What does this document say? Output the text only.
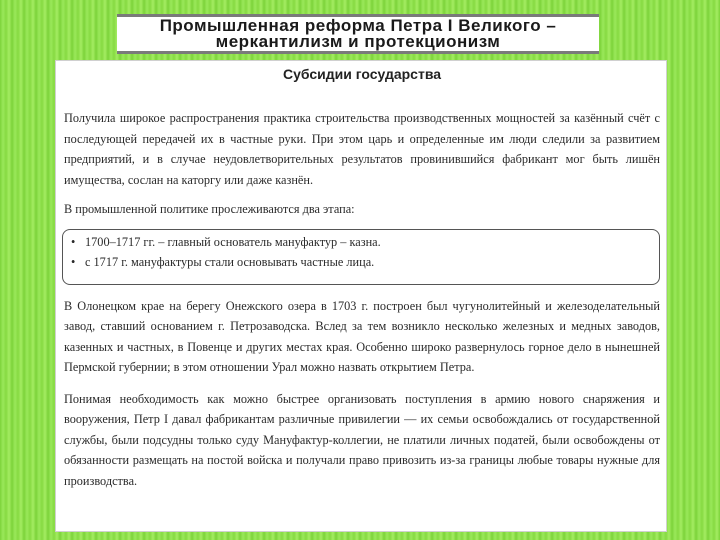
Промышленная реформа Петра I Великого –
меркантилизм и протекционизм
Субсидии государства

Получила широкое распространения практика строительства производственных мощностей за казённый счёт с последующей передачей их в частные руки. При этом царь и определенные им люди следили за развитием предприятий, и в случае неудовлетворительных результатов провинившийся фабрикант мог быть лишён имущества, сослан на каторгу или даже казнён.

В промышленной политике прослеживаются два этапа:

• 1700–1717 гг. – главный основатель мануфактур – казна.
• с 1717 г. мануфактуры стали основывать частные лица.

В Олонецком крае на берегу Онежского озера в 1703 г. построен был чугунолитейный и железоделательный завод, ставший основанием г. Петрозаводска. Вслед за тем возникло несколько железных и медных заводов, казенных и частных, в Повенце и других местах края. Особенно широко развернулось горное дело в нынешней Пермской губернии; в этом отношении Урал можно назвать открытием Петра.

Понимая необходимость как можно быстрее организовать поступления в армию нового снаряжения и вооружения, Петр I давал фабрикантам различные привилегии — их семьи освобождались от государственной службы, были подсудны только суду Мануфактур-коллегии, не платили личных податей, были освобождены от обязанности размещать на постой войска и получали право привозить из-за границы любые товары нужные для производства.
